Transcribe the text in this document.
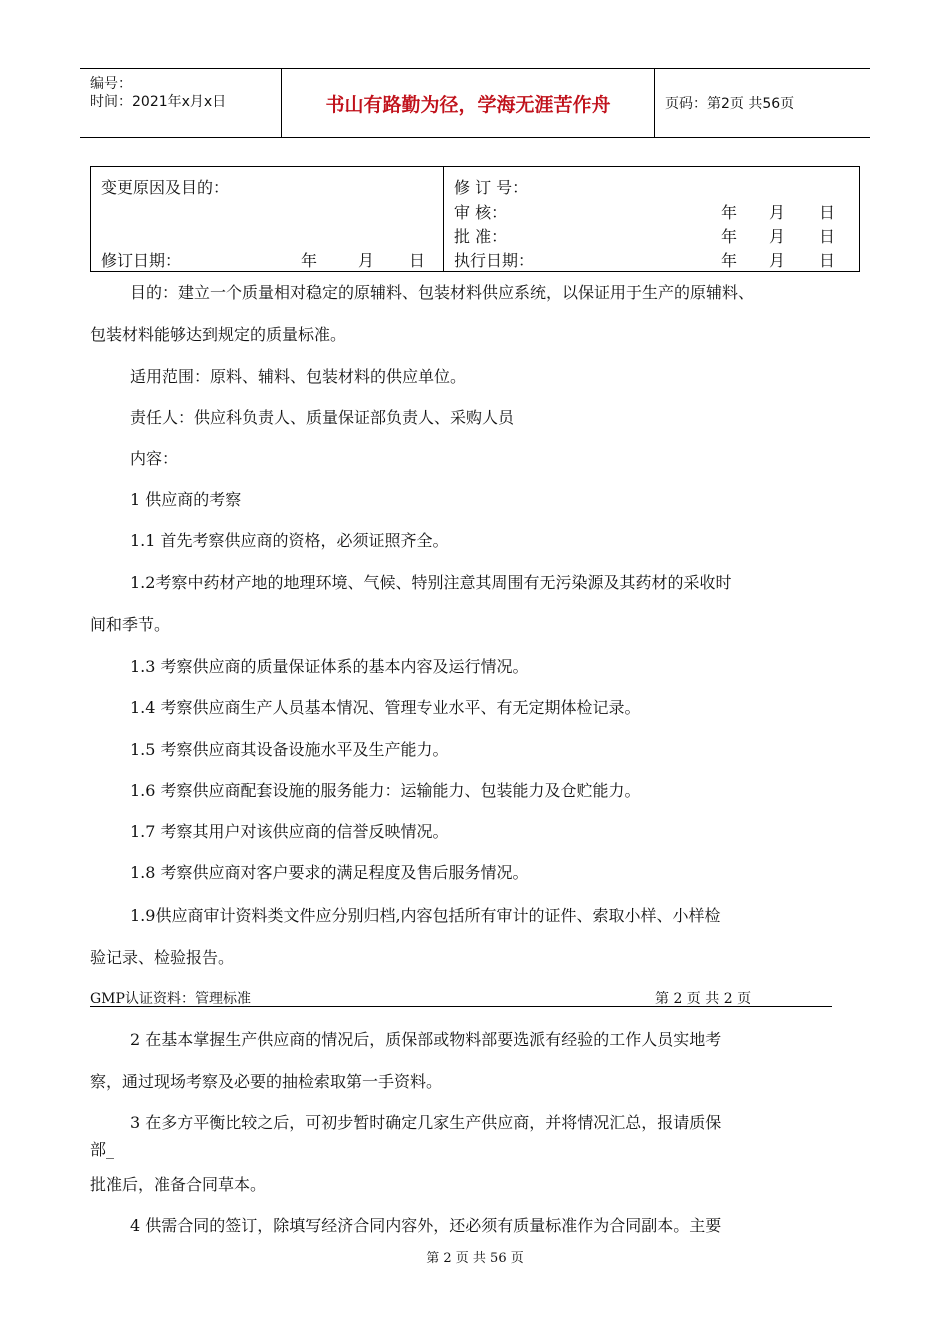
编号：
时间：2021年x月x日	书山有路勤为径，学海无涯苦作舟	页码：第2页 共56页
变更原因及目的：
修订日期：	年	月 日
修 订 号：
审 核：	年 月 日
批 准：	年 月 日
执行日期：	年 月 日
目的：建立一个质量相对稳定的原辅料、包装材料供应系统，以保证用于生产的原辅料、
包装材料能够达到规定的质量标准。
适用范围：原料、辅料、包装材料的供应单位。
责任人：供应科负责人、质量保证部负责人、采购人员
内容：
1 供应商的考察
1.1 首先考察供应商的资格，必须证照齐全。
1.2考察中药材产地的地理环境、气候、特别注意其周围有无污染源及其药材的采收时
间和季节。
1.3 考察供应商的质量保证体系的基本内容及运行情况。
1.4 考察供应商生产人员基本情况、管理专业水平、有无定期体检记录。
1.5 考察供应商其设备设施水平及生产能力。
1.6 考察供应商配套设施的服务能力：运输能力、包装能力及仓贮能力。
1.7 考察其用户对该供应商的信誉反映情况。
1.8 考察供应商对客户要求的满足程度及售后服务情况。
1.9供应商审计资料类文件应分别归档,内容包括所有审计的证件、索取小样、小样检
验记录、检验报告。
GMP认证资料：管理标准	第 2 页 共 2 页
2 在基本掌握生产供应商的情况后，质保部或物料部要选派有经验的工作人员实地考
察，通过现场考察及必要的抽检索取第一手资料。
3 在多方平衡比较之后，可初步暂时确定几家生产供应商，并将情况汇总，报请质保
部_
批准后，准备合同草本。
4 供需合同的签订，除填写经济合同内容外，还必须有质量标准作为合同副本。主要
第 2 页 共 56 页
